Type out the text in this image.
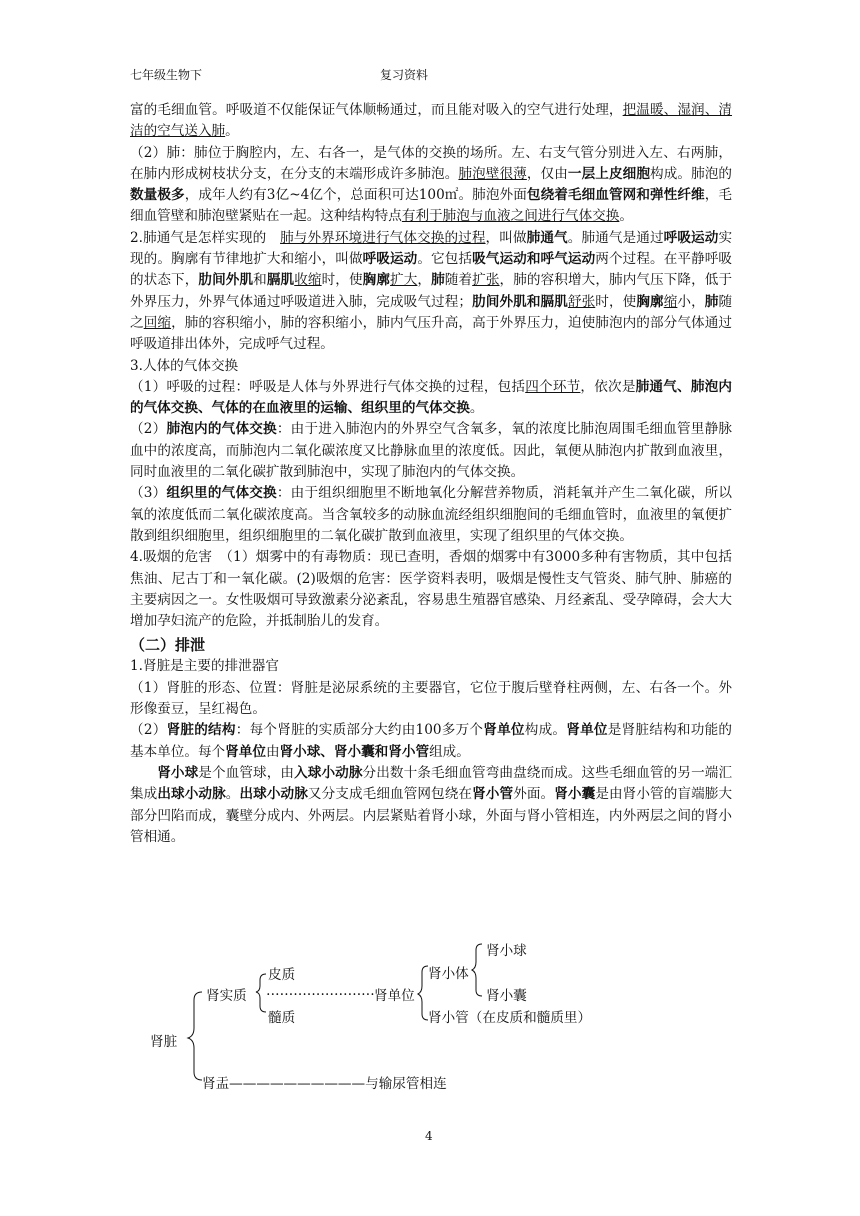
七年级生物下	复习资料

富的毛细血管。呼吸道不仅能保证气体顺畅通过，而且能对吸入的空气进行处理，把温暖、湿润、清洁的空气送入肺。

（2）肺：肺位于胸腔内，左、右各一，是气体的交换的场所。左、右支气管分别进入左、右两肺，在肺内形成树枝状分支，在分支的末端形成许多肺泡。肺泡壁很薄，仅由一层上皮细胞构成。肺泡的数量极多，成年人约有3亿~4亿个，总面积可达100㎡。肺泡外面包绕着毛细血管网和弹性纤维，毛细血管壁和肺泡壁紧贴在一起。这种结构特点有利于肺泡与血液之间进行气体交换。

2.肺通气是怎样实现的　肺与外界环境进行气体交换的过程，叫做肺通气。肺通气是通过呼吸运动实现的。胸廓有节律地扩大和缩小，叫做呼吸运动。它包括吸气运动和呼气运动两个过程。在平静呼吸的状态下，肋间外肌和膈肌收缩时，使胸廓扩大，肺随着扩张，肺的容积增大，肺内气压下降，低于外界压力，外界气体通过呼吸道进入肺，完成吸气过程；肋间外肌和膈肌舒张时，使胸廓缩小，肺随之回缩，肺的容积缩小，肺的容积缩小，肺内气压升高，高于外界压力，迫使肺泡内的部分气体通过呼吸道排出体外，完成呼气过程。

3.人体的气体交换

（1）呼吸的过程：呼吸是人体与外界进行气体交换的过程，包括四个环节，依次是肺通气、肺泡内的气体交换、气体的在血液里的运输、组织里的气体交换。

（2）肺泡内的气体交换：由于进入肺泡内的外界空气含氧多，氧的浓度比肺泡周围毛细血管里静脉血中的浓度高，而肺泡内二氧化碳浓度又比静脉血里的浓度低。因此，氧便从肺泡内扩散到血液里，同时血液里的二氧化碳扩散到肺泡中，实现了肺泡内的气体交换。

（3）组织里的气体交换：由于组织细胞里不断地氧化分解营养物质，消耗氧并产生二氧化碳，所以氧的浓度低而二氧化碳浓度高。当含氧较多的动脉血流经组织细胞间的毛细血管时，血液里的氧便扩散到组织细胞里，组织细胞里的二氧化碳扩散到血液里，实现了组织里的气体交换。

4.吸烟的危害　（1）烟雾中的有毒物质：现已查明，香烟的烟雾中有3000多种有害物质，其中包括焦油、尼古丁和一氧化碳。(2)吸烟的危害：医学资料表明，吸烟是慢性支气管炎、肺气肿、肺癌的主要病因之一。女性吸烟可导致激素分泌紊乱，容易患生殖器官感染、月经紊乱、受孕障碍，会大大增加孕妇流产的危险，并抵制胎儿的发育。

（二）排泄

1.肾脏是主要的排泄器官

（1）肾脏的形态、位置：肾脏是泌尿系统的主要器官，它位于腹后壁脊柱两侧，左、右各一个。外形像蚕豆，呈红褐色。

（2）肾脏的结构：每个肾脏的实质部分大约由100多万个肾单位构成。肾单位是肾脏结构和功能的基本单位。每个肾单位由肾小球、肾小囊和肾小管组成。

肾小球是个血管球，由入球小动脉分出数十条毛细血管弯曲盘绕而成。这些毛细血管的另一端汇集成出球小动脉。出球小动脉又分支成毛细血管网包绕在肾小管外面。肾小囊是由肾小管的盲端膨大部分凹陷而成，囊壁分成内、外两层。内层紧贴着肾小球，外面与肾小管相连，内外两层之间的肾小管相通。

肾脏
肾实质
皮质
……………………
髓质
肾单位
肾小体
肾小球
肾小囊
肾小管（在皮质和髓质里）
肾盂——————————与输尿管相连
4
